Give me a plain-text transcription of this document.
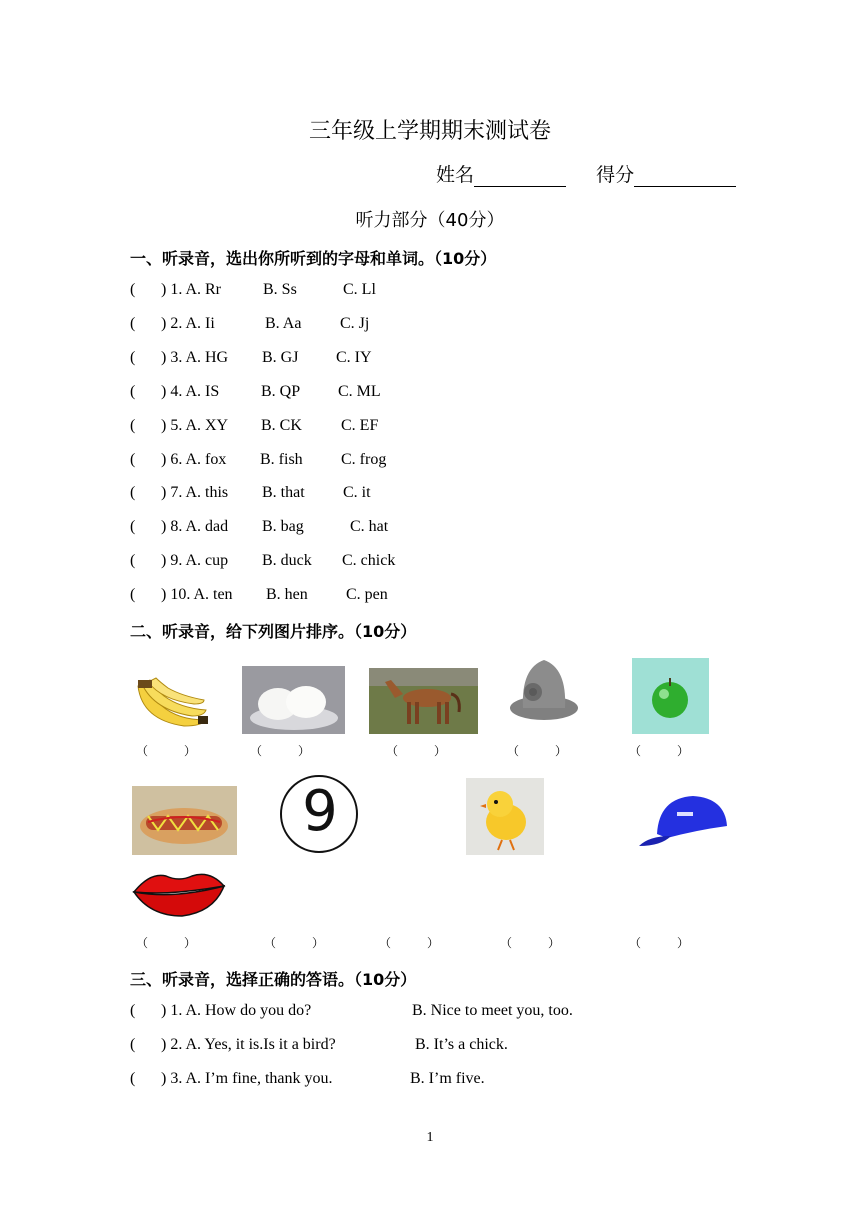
三年级上学期期末测试卷
姓名	得分
听力部分（40分）
一、听录音，选出你所听到的字母和单词。（10分）
( ) 1. A. Rr	B. Ss	C. Ll
( ) 2. A. Ii	B. Aa C. Jj
( ) 3. A. HG B. GJ C. IY
( ) 4. A. IS	B. QP C. ML
( ) 5. A. XY B. CK C. EF
( ) 6. A. fox B. fish C. frog
( ) 7. A. this B. that C. it
( ) 8. A. dad B. bag	C. hat
( ) 9. A. cup B. duck C. chick
( ) 10. A. ten B. hen C. pen
二、听录音，给下列图片排序。（10分）
（　　　）	（　　　）	（　　　）	（　　　）	（　　　）
9
（　　　）	（　　　）	（　　　）	（　　　）	（　　　）
三、听录音，选择正确的答语。（10分）
( ) 1. A. How do you do?	B. Nice to meet you, too.
( ) 2. A. Yes, it is.Is it a bird?	B. It’s a chick.
( ) 3. A. I’m fine, thank you.	B. I’m five.
1
